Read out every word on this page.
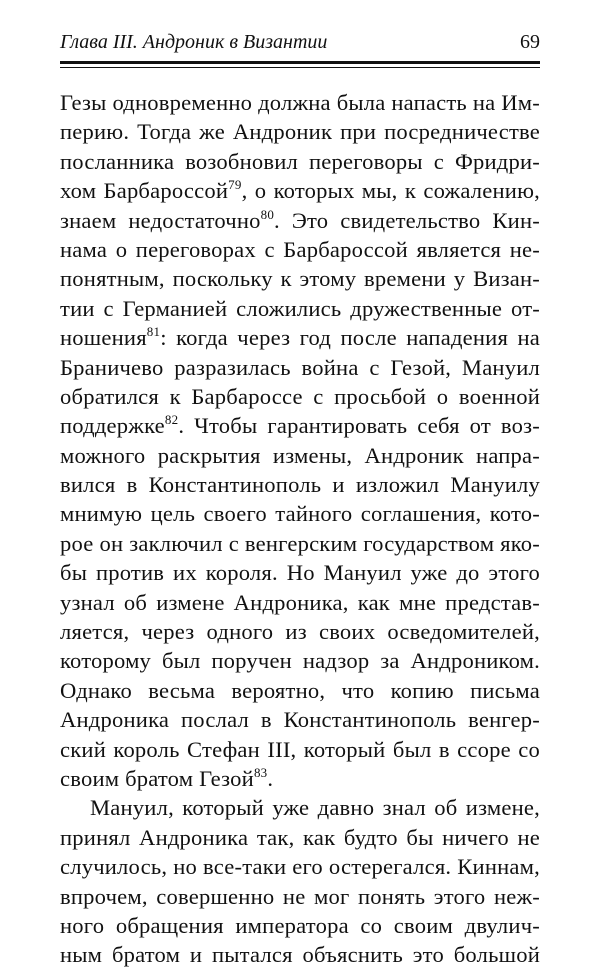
Глава III. Андроник в Византии	69
Гезы одновременно должна была напасть на Им-
перию. Тогда же Андроник при посредничестве
посланника возобновил переговоры с Фридри-
хом Барбароссой$^{79}$, о которых мы, к сожалению,
знаем недостаточно$^{80}$. Это свидетельство Кин-
нама о переговорах с Барбароссой является не-
понятным, поскольку к этому времени у Визан-
тии с Германией сложились дружественные от-
ношения$^{81}$: когда через год после нападения на
Браничево разразилась война с Гезой, Мануил
обратился к Барбароссе с просьбой о военной
поддержке$^{82}$. Чтобы гарантировать себя от воз-
можного раскрытия измены, Андроник напра-
вился в Константинополь и изложил Мануилу
мнимую цель своего тайного соглашения, кото-
рое он заключил с венгерским государством яко-
бы против их короля. Но Мануил уже до этого
узнал об измене Андроника, как мне представ-
ляется, через одного из своих осведомителей,
которому был поручен надзор за Андроником.
Однако весьма вероятно, что копию письма
Андроника послал в Константинополь венгер-
ский король Стефан III, который был в ссоре со
своим братом Гезой$^{83}$.
Мануил, который уже давно знал об измене,
принял Андроника так, как будто бы ничего не
случилось, но все-таки его остерегался. Киннам,
впрочем, совершенно не мог понять этого неж-
ного обращения императора со своим двулич-
ным братом и пытался объяснить это большой
